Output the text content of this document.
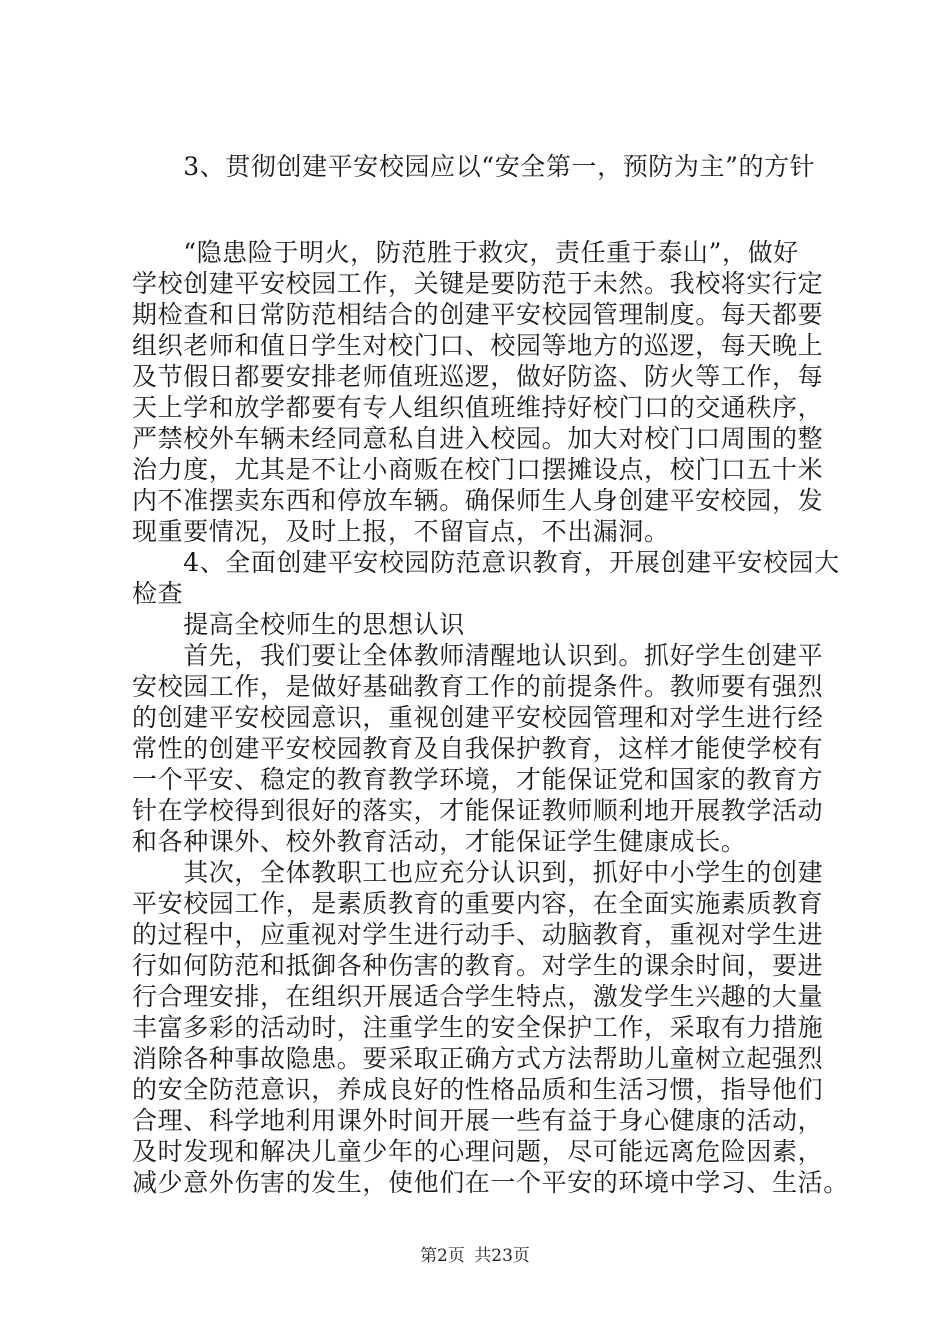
　　3、贯彻创建平安校园应以“安全第一，预防为主”的方针
　　“隐患险于明火，防范胜于救灾，责任重于泰山”，做好
学校创建平安校园工作，关键是要防范于未然。我校将实行定
期检查和日常防范相结合的创建平安校园管理制度。每天都要
组织老师和值日学生对校门口、校园等地方的巡逻，每天晚上
及节假日都要安排老师值班巡逻，做好防盗、防火等工作，每
天上学和放学都要有专人组织值班维持好校门口的交通秩序，
严禁校外车辆未经同意私自进入校园。加大对校门口周围的整
治力度，尤其是不让小商贩在校门口摆摊设点，校门口五十米
内不准摆卖东西和停放车辆。确保师生人身创建平安校园，发
现重要情况，及时上报，不留盲点，不出漏洞。
　　4、全面创建平安校园防范意识教育，开展创建平安校园大
检查
　　提高全校师生的思想认识
　　首先，我们要让全体教师清醒地认识到。抓好学生创建平
安校园工作，是做好基础教育工作的前提条件。教师要有强烈
的创建平安校园意识，重视创建平安校园管理和对学生进行经
常性的创建平安校园教育及自我保护教育，这样才能使学校有
一个平安、稳定的教育教学环境，才能保证党和国家的教育方
针在学校得到很好的落实，才能保证教师顺利地开展教学活动
和各种课外、校外教育活动，才能保证学生健康成长。
　　其次，全体教职工也应充分认识到，抓好中小学生的创建
平安校园工作，是素质教育的重要内容，在全面实施素质教育
的过程中，应重视对学生进行动手、动脑教育，重视对学生进
行如何防范和抵御各种伤害的教育。对学生的课余时间，要进
行合理安排，在组织开展适合学生特点，激发学生兴趣的大量
丰富多彩的活动时，注重学生的安全保护工作，采取有力措施
消除各种事故隐患。要采取正确方式方法帮助儿童树立起强烈
的安全防范意识，养成良好的性格品质和生活习惯，指导他们
合理、科学地利用课外时间开展一些有益于身心健康的活动，
及时发现和解决儿童少年的心理问题，尽可能远离危险因素，
减少意外伤害的发生，使他们在一个平安的环境中学习、生活。
第2页 共23页
